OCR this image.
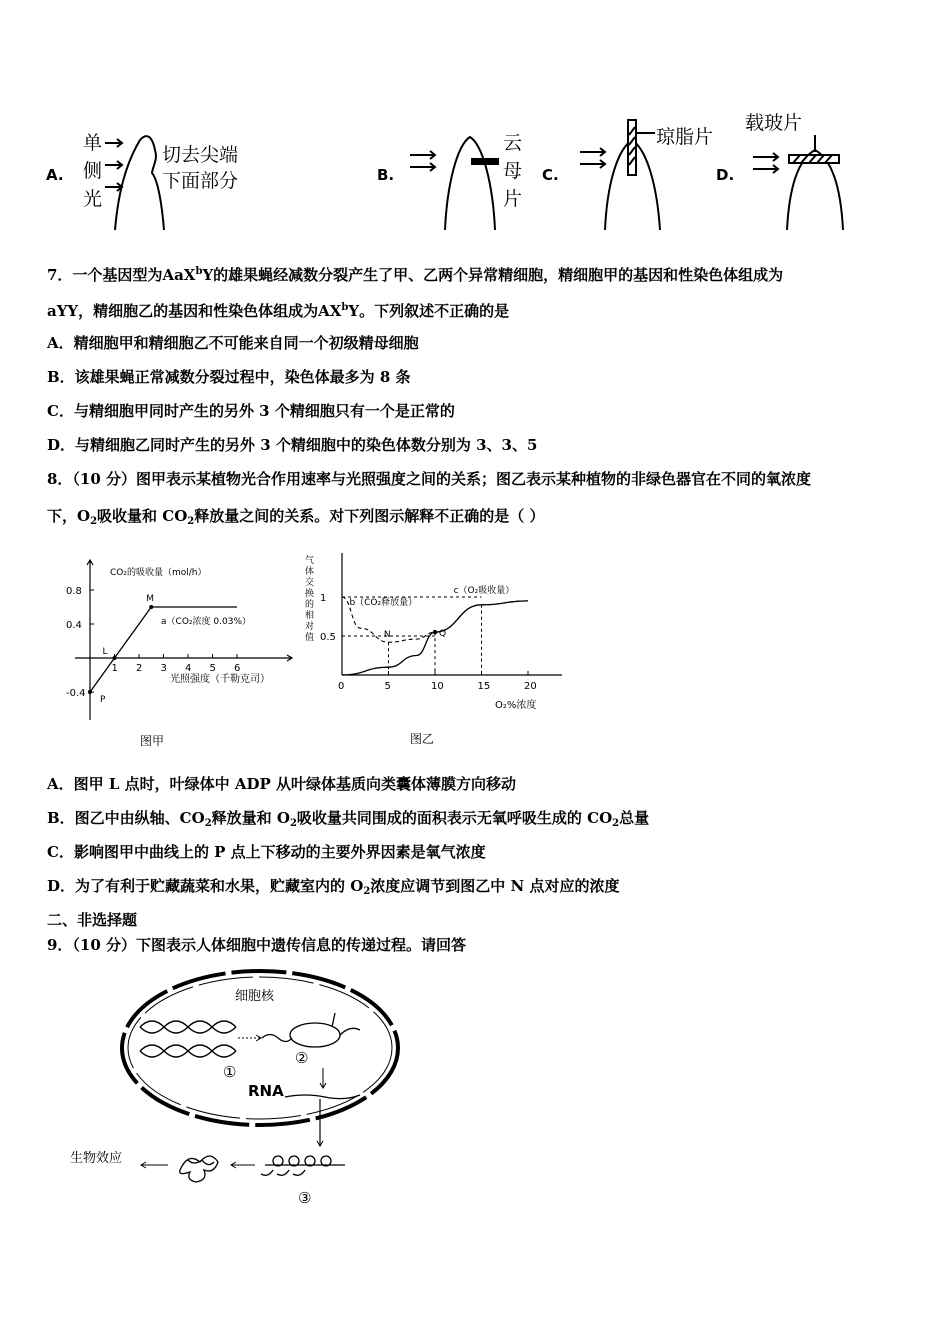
A.
单
侧
光
切去尖端
下面部分	B.
云
母
片
C.
琼脂片
D.
载玻片
7．一个基因型为AaX$^b$Y的雄果蝇经减数分裂产生了甲、乙两个异常精细胞，精细胞甲的基因和性染色体组成为
aYY，精细胞乙的基因和性染色体组成为$AX^bY$。下列叙述不正确的是
A．精细胞甲和精细胞乙不可能来自同一个初级精母细胞
B．该雄果蝇正常减数分裂过程中，染色体最多为 8 条
C．与精细胞甲同时产生的另外 3 个精细胞只有一个是正常的
D．与精细胞乙同时产生的另外 3 个精细胞中的染色体数分别为 3、3、5
8．（10 分）图甲表示某植物光合作用速率与光照强度之间的关系；图乙表示某种植物的非绿色器官在不同的氧浓度
下，$O_2$吸收量和 $CO_2$释放量之间的关系。对下列图示解释不正确的是（ ）
CO₂的吸收量（mol/h）
光照强度（千勒克司）
1 2 3 4 5 6
0.8
0.4
-0.4
L
M
P
a（CO₂浓度 0.03%）
图甲
气体交换的相对值
O₂%浓度
0	5	10	15	20
1
0.5
b（CO₂释放量）
c（O₂吸收量）
N	Q
图乙
A．图甲 L 点时，叶绿体中 ADP 从叶绿体基质向类囊体薄膜方向移动
B．图乙中由纵轴、$CO_2$释放量和 $O_2$吸收量共同围成的面积表示无氧呼吸生成的 $CO_2$总量
C．影响图甲中曲线上的 P 点上下移动的主要外界因素是氧气浓度
D．为了有利于贮藏蔬菜和水果，贮藏室内的 $O_2$浓度应调节到图乙中 N 点对应的浓度
二、非选择题
9．（10 分）下图表示人体细胞中遗传信息的传递过程。请回答
细胞核
①
②
RNA
③
生物效应
